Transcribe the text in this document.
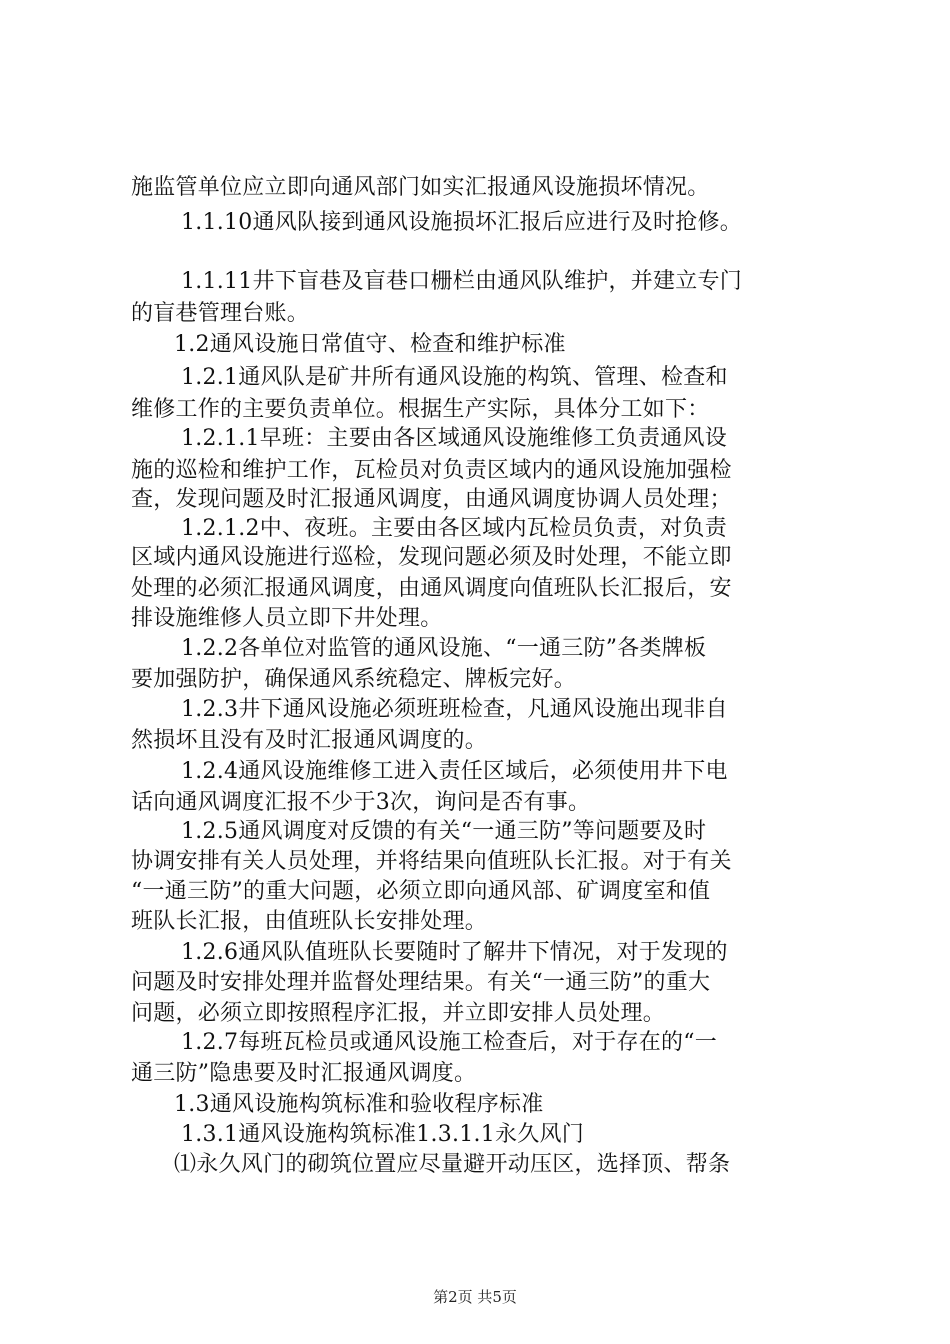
施监管单位应立即向通风部门如实汇报通风设施损坏情况。
1.1.10通风队接到通风设施损坏汇报后应进行及时抢修。
1.1.11井下盲巷及盲巷口栅栏由通风队维护，并建立专门
的盲巷管理台账。
1.2通风设施日常值守、检查和维护标准
1.2.1通风队是矿井所有通风设施的构筑、管理、检查和
维修工作的主要负责单位。根据生产实际，具体分工如下：
1.2.1.1早班：主要由各区域通风设施维修工负责通风设
施的巡检和维护工作，瓦检员对负责区域内的通风设施加强检
查，发现问题及时汇报通风调度，由通风调度协调人员处理；
1.2.1.2中、夜班。主要由各区域内瓦检员负责，对负责
区域内通风设施进行巡检，发现问题必须及时处理，不能立即
处理的必须汇报通风调度，由通风调度向值班队长汇报后，安
排设施维修人员立即下井处理。
1.2.2各单位对监管的通风设施、“一通三防”各类牌板
要加强防护，确保通风系统稳定、牌板完好。
1.2.3井下通风设施必须班班检查，凡通风设施出现非自
然损坏且没有及时汇报通风调度的。
1.2.4通风设施维修工进入责任区域后，必须使用井下电
话向通风调度汇报不少于3次，询问是否有事。
1.2.5通风调度对反馈的有关“一通三防”等问题要及时
协调安排有关人员处理，并将结果向值班队长汇报。对于有关
“一通三防”的重大问题，必须立即向通风部、矿调度室和值
班队长汇报，由值班队长安排处理。
1.2.6通风队值班队长要随时了解井下情况，对于发现的
问题及时安排处理并监督处理结果。有关“一通三防”的重大
问题，必须立即按照程序汇报，并立即安排人员处理。
1.2.7每班瓦检员或通风设施工检查后，对于存在的“一
通三防”隐患要及时汇报通风调度。
1.3通风设施构筑标准和验收程序标准
1.3.1通风设施构筑标准1.3.1.1永久风门
⑴永久风门的砌筑位置应尽量避开动压区，选择顶、帮条
第2页 共5页
